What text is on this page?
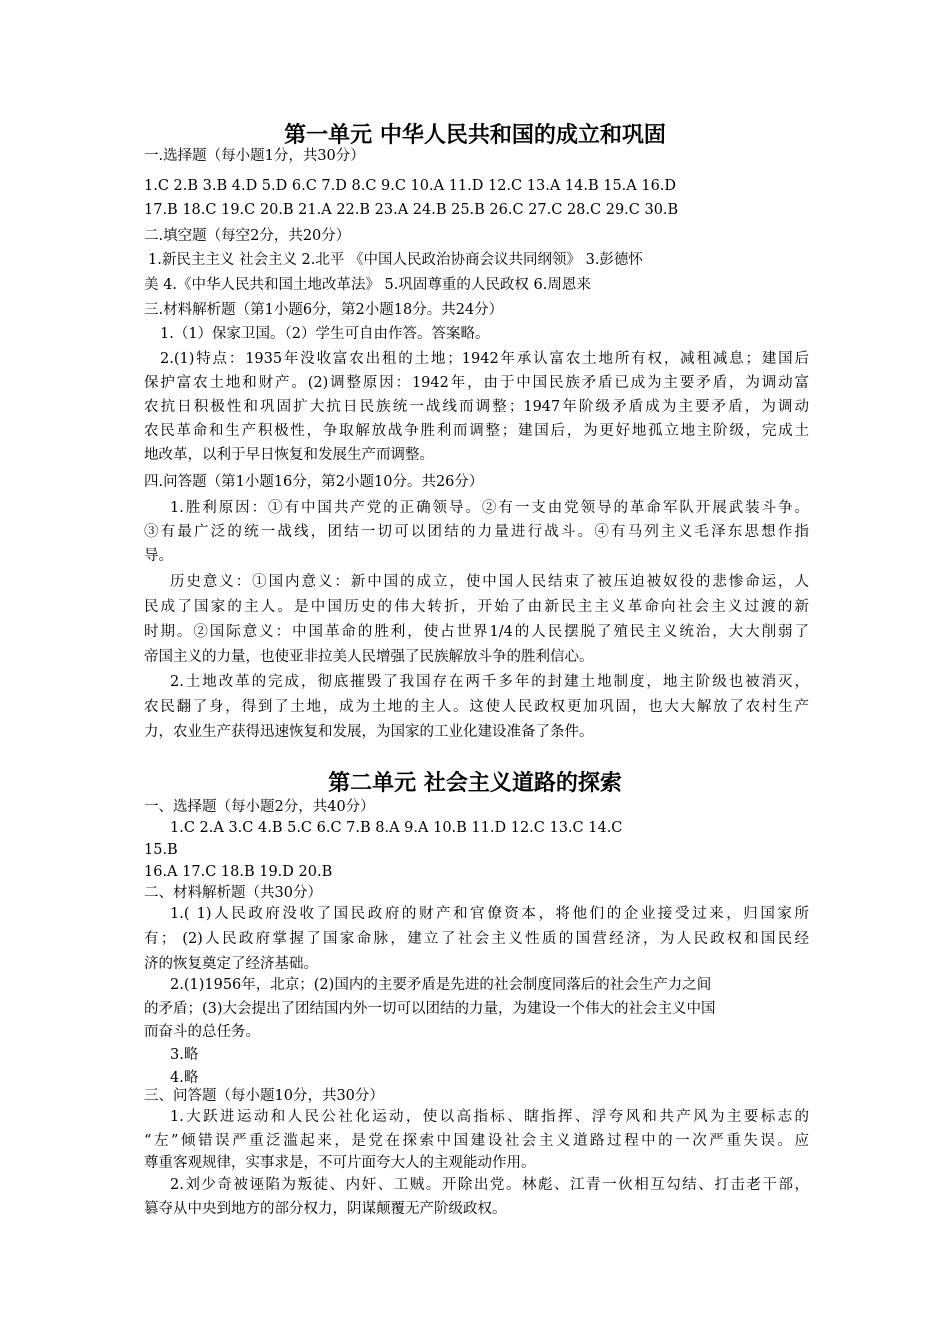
第一单元 中华人民共和国的成立和巩固
一.选择题（每小题1分，共30分）
1.C 2.B 3.B 4.D 5.D 6.C 7.D 8.C 9.C 10.A 11.D 12.C 13.A 14.B 15.A 16.D
17.B 18.C 19.C 20.B 21.A 22.B 23.A 24.B 25.B 26.C 27.C 28.C 29.C 30.B
二.填空题（每空2分，共20分）
1.新民主主义 社会主义 2.北平 《中国人民政治协商会议共同纲领》 3.彭德怀
美 4.《中华人民共和国土地改革法》 5.巩固尊重的人民政权 6.周恩来
三.材料解析题（第1小题6分，第2小题18分。共24分）
1.（1）保家卫国。（2）学生可自由作答。答案略。
2.(1)特点：1935年没收富农出租的土地；1942年承认富农土地所有权，减租减息；建国后
保护富农土地和财产。(2)调整原因：1942年，由于中国民族矛盾已成为主要矛盾，为调动富
农抗日积极性和巩固扩大抗日民族统一战线而调整；1947年阶级矛盾成为主要矛盾，为调动
农民革命和生产积极性，争取解放战争胜利而调整；建国后，为更好地孤立地主阶级，完成土
地改革，以利于早日恢复和发展生产而调整。
四.问答题（第1小题16分，第2小题10分。共26分）
1.胜利原因：①有中国共产党的正确领导。②有一支由党领导的革命军队开展武装斗争。
③有最广泛的统一战线，团结一切可以团结的力量进行战斗。④有马列主义毛泽东思想作指
导。
历史意义：①国内意义：新中国的成立，使中国人民结束了被压迫被奴役的悲惨命运，人
民成了国家的主人。是中国历史的伟大转折，开始了由新民主主义革命向社会主义过渡的新
时期。②国际意义：中国革命的胜利，使占世界1/4的人民摆脱了殖民主义统治，大大削弱了
帝国主义的力量，也使亚非拉美人民增强了民族解放斗争的胜利信心。
2.土地改革的完成，彻底摧毁了我国存在两千多年的封建土地制度，地主阶级也被消灭，
农民翻了身，得到了土地，成为土地的主人。这使人民政权更加巩固，也大大解放了农村生产
力，农业生产获得迅速恢复和发展，为国家的工业化建设准备了条件。
第二单元 社会主义道路的探索
一、选择题（每小题2分，共40分）
1.C 2.A 3.C 4.B 5.C 6.C 7.B 8.A 9.A 10.B 11.D 12.C 13.C 14.C
15.B
16.A 17.C 18.B 19.D 20.B
二、材料解析题（共30分）
1.( 1)人民政府没收了国民政府的财产和官僚资本，将他们的企业接受过来，归国家所
有； (2)人民政府掌握了国家命脉，建立了社会主义性质的国营经济，为人民政权和国民经
济的恢复奠定了经济基础。
2.(1)1956年，北京；(2)国内的主要矛盾是先进的社会制度同落后的社会生产力之间
的矛盾；(3)大会提出了团结国内外一切可以团结的力量，为建设一个伟大的社会主义中国
而奋斗的总任务。
3.略
4.略
三、问答题（每小题10分，共30分）
1.大跃进运动和人民公社化运动，使以高指标、瞎指挥、浮夸风和共产风为主要标志的
“左”倾错误严重泛滥起来，是党在探索中国建设社会主义道路过程中的一次严重失误。应
尊重客观规律，实事求是，不可片面夸大人的主观能动作用。
2.刘少奇被诬陷为叛徒、内奸、工贼。开除出党。林彪、江青一伙相互勾结、打击老干部，
篡夺从中央到地方的部分权力，阴谋颠覆无产阶级政权。
